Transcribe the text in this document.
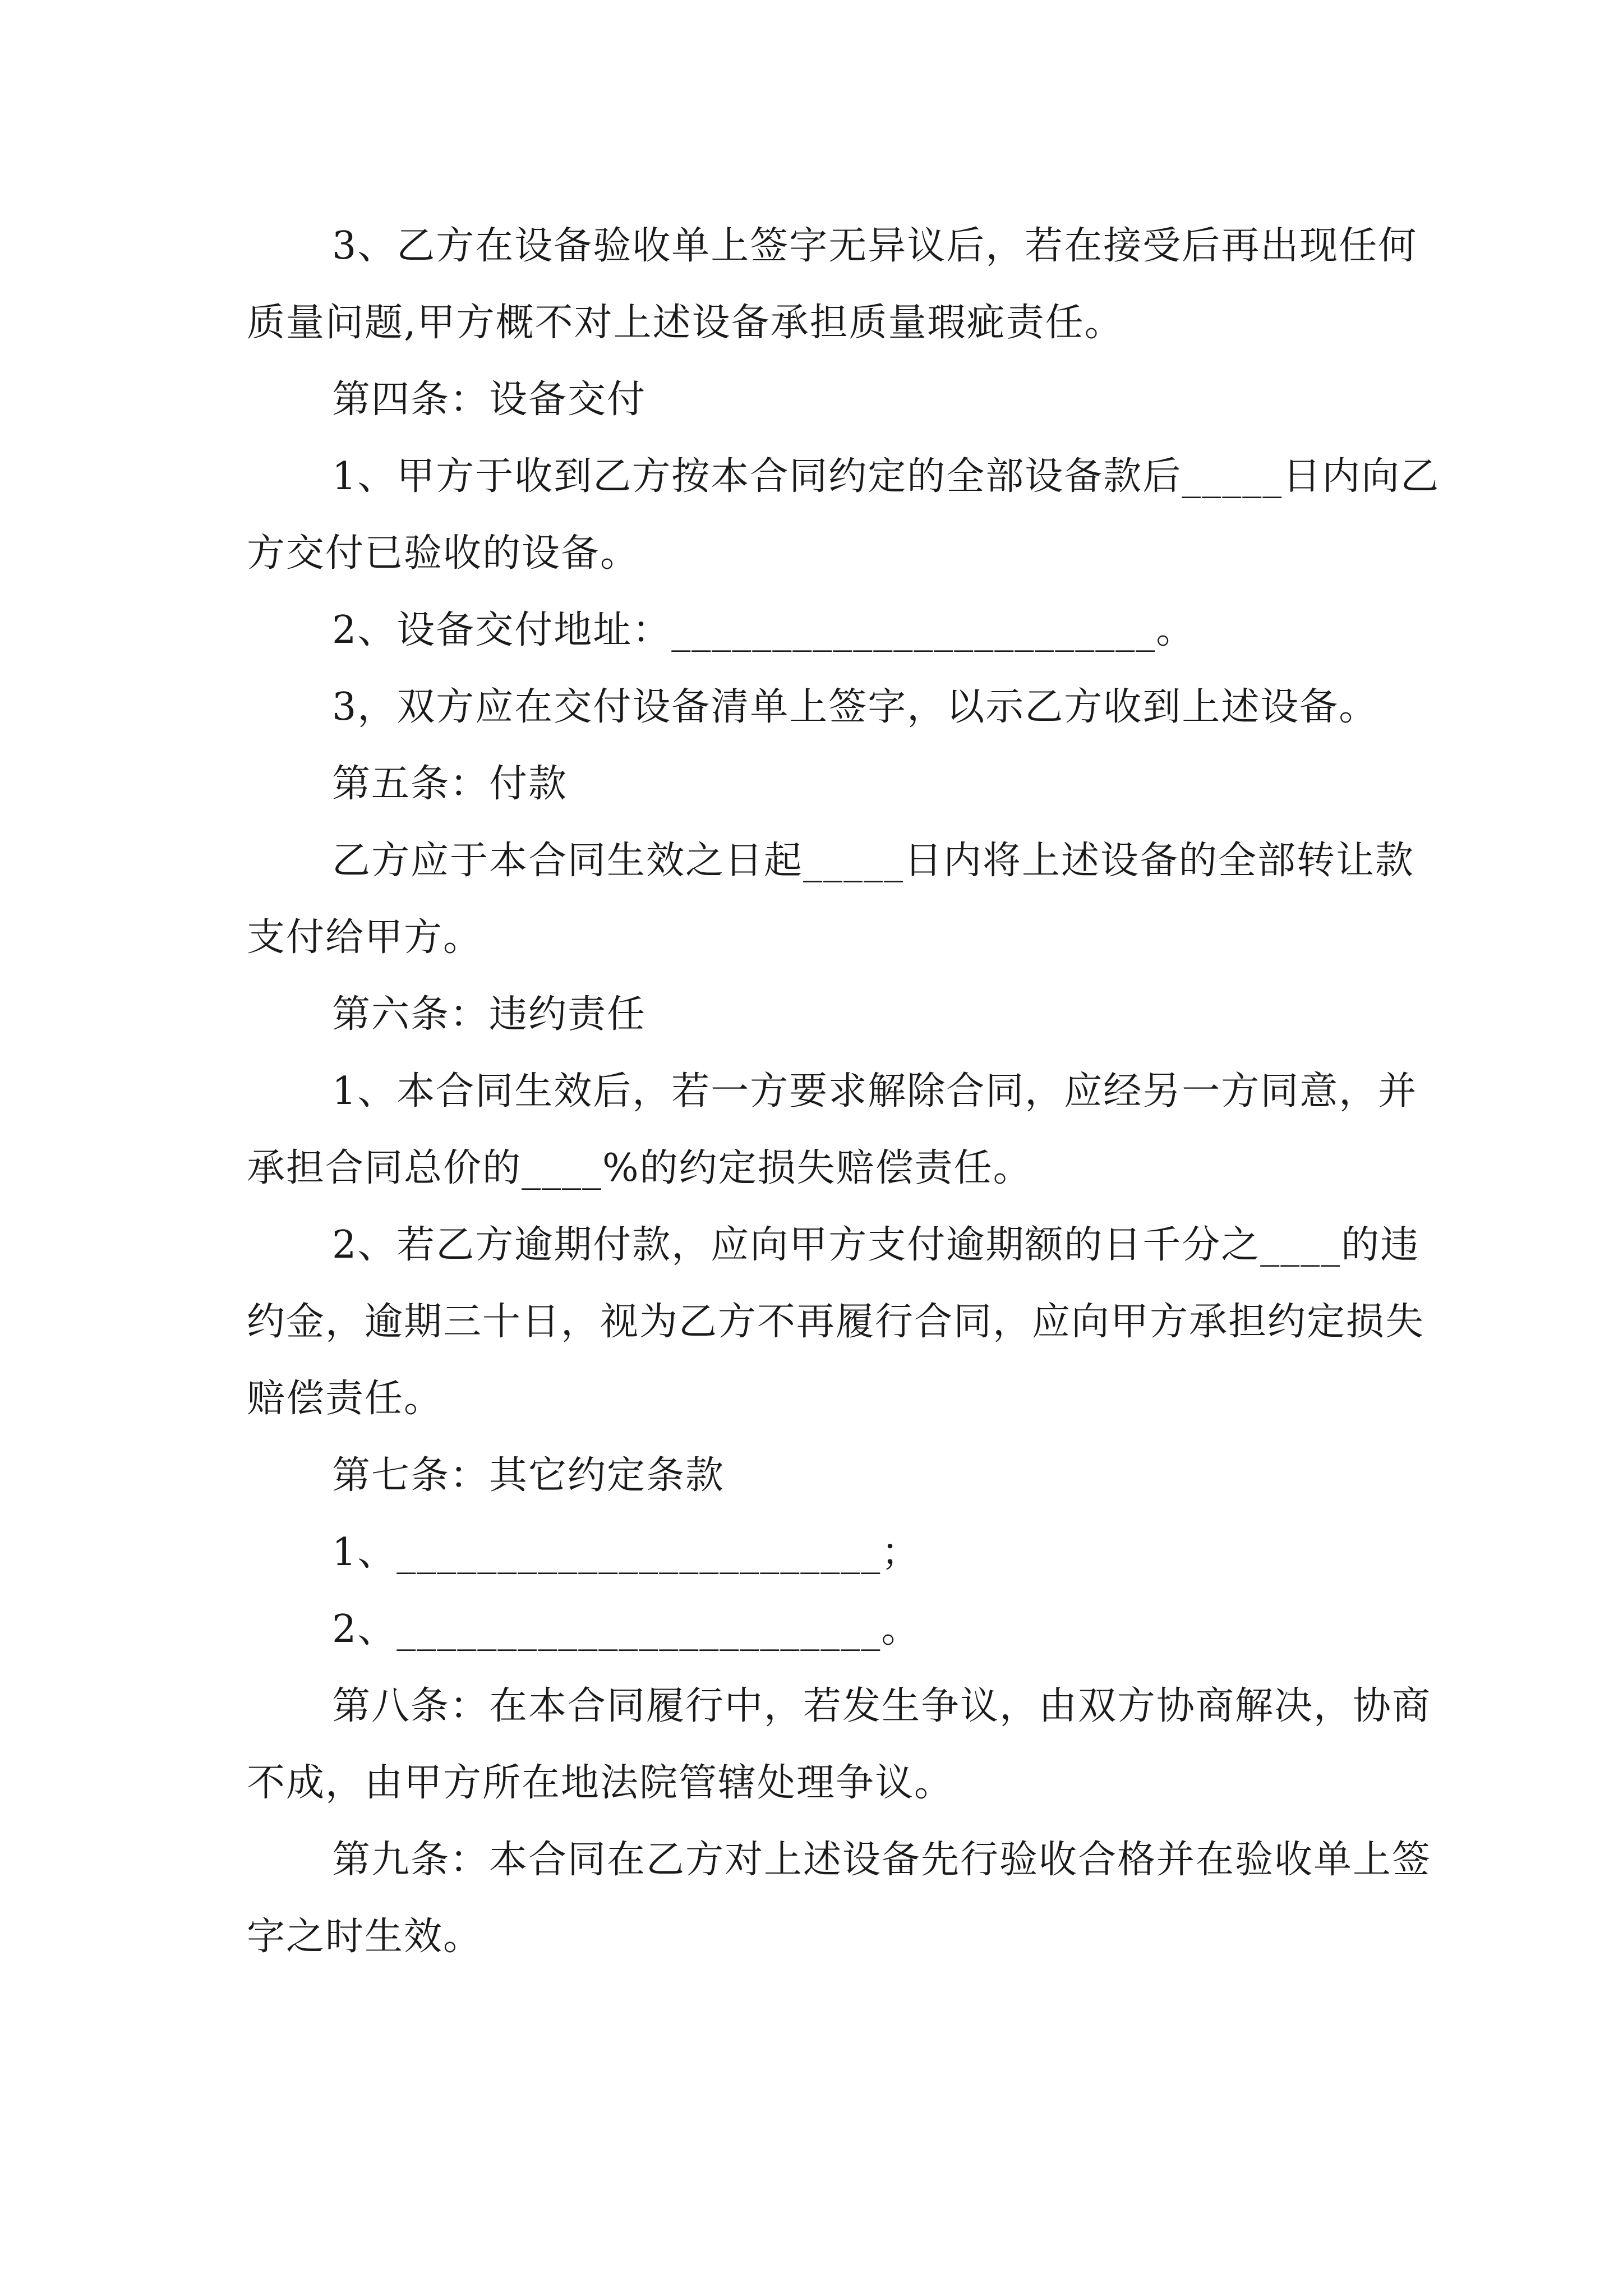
3、乙方在设备验收单上签字无异议后，若在接受后再出现任何质量问题,甲方概不对上述设备承担质量瑕疵责任。

第四条：设备交付

1、甲方于收到乙方按本合同约定的全部设备款后_____日内向乙方交付已验收的设备。

2、设备交付地址：________________________。

3，双方应在交付设备清单上签字，以示乙方收到上述设备。

第五条：付款

乙方应于本合同生效之日起_____日内将上述设备的全部转让款支付给甲方。

第六条：违约责任

1、本合同生效后，若一方要求解除合同，应经另一方同意，并承担合同总价的____%的约定损失赔偿责任。

2、若乙方逾期付款，应向甲方支付逾期额的日千分之____的违约金，逾期三十日，视为乙方不再履行合同，应向甲方承担约定损失赔偿责任。

第七条：其它约定条款

1、________________________；

2、________________________。

第八条：在本合同履行中，若发生争议，由双方协商解决，协商不成，由甲方所在地法院管辖处理争议。

第九条：本合同在乙方对上述设备先行验收合格并在验收单上签字之时生效。
